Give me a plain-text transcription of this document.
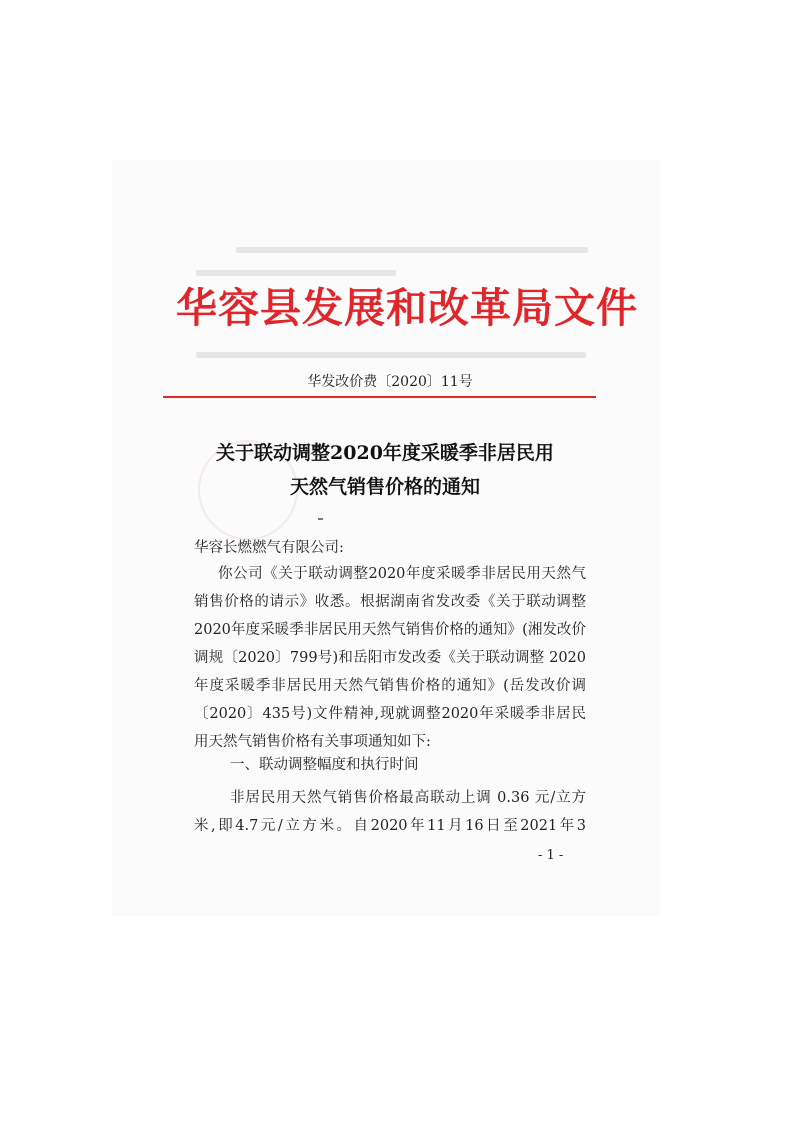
华容县发展和改革局文件
华发改价费〔2020〕11号
关于联动调整2020年度采暖季非居民用
天然气销售价格的通知
华容长燃燃气有限公司:
你公司《关于联动调整2020年度采暖季非居民用天然气
销售价格的请示》收悉。根据湖南省发改委《关于联动调整
2020年度采暖季非居民用天然气销售价格的通知》(湘发改价
调规〔2020〕799号)和岳阳市发改委《关于联动调整 2020
年度采暖季非居民用天然气销售价格的通知》(岳发改价调
〔2020〕435号)文件精神,现就调整2020年采暖季非居民
用天然气销售价格有关事项通知如下:
一、联动调整幅度和执行时间
非居民用天然气销售价格最高联动上调 0.36 元/立方
米,即4.7元/立方米。自2020年11月16日至2021年3
- 1 -
